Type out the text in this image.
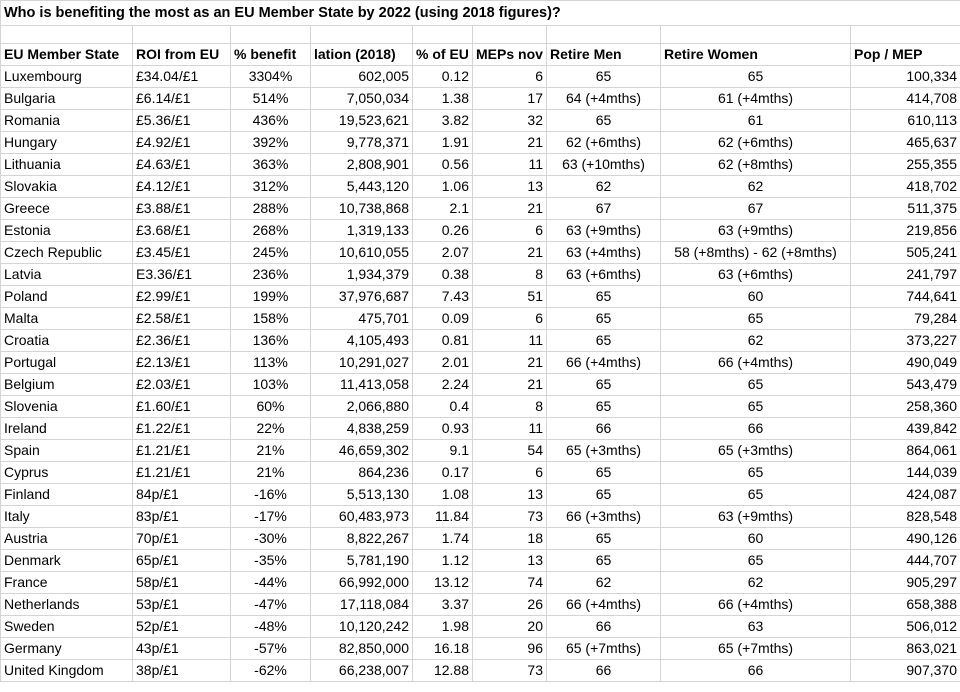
Who is benefiting the most as an EU Member State by 2022 (using 2018 figures)?								

EU Member State	ROI from EU	% benefit	lation (2018)	% of EU	MEPs nov	Retire Men	Retire Women	Pop / MEP
Luxembourg	£34.04/£1	3304%	602,005	0.12	6	65	65	100,334
Bulgaria	£6.14/£1	514%	7,050,034	1.38	17	64 (+4mths)	61 (+4mths)	414,708
Romania	£5.36/£1	436%	19,523,621	3.82	32	65	61	610,113
Hungary	£4.92/£1	392%	9,778,371	1.91	21	62 (+6mths)	62 (+6mths)	465,637
Lithuania	£4.63/£1	363%	2,808,901	0.56	11	63 (+10mths)	62 (+8mths)	255,355
Slovakia	£4.12/£1	312%	5,443,120	1.06	13	62	62	418,702
Greece	£3.88/£1	288%	10,738,868	2.1	21	67	67	511,375
Estonia	£3.68/£1	268%	1,319,133	0.26	6	63 (+9mths)	63 (+9mths)	219,856
Czech Republic	£3.45/£1	245%	10,610,055	2.07	21	63 (+4mths)	58 (+8mths) - 62 (+8mths)	505,241
Latvia	E3.36/£1	236%	1,934,379	0.38	8	63 (+6mths)	63 (+6mths)	241,797
Poland	£2.99/£1	199%	37,976,687	7.43	51	65	60	744,641
Malta	£2.58/£1	158%	475,701	0.09	6	65	65	79,284
Croatia	£2.36/£1	136%	4,105,493	0.81	11	65	62	373,227
Portugal	£2.13/£1	113%	10,291,027	2.01	21	66 (+4mths)	66 (+4mths)	490,049
Belgium	£2.03/£1	103%	11,413,058	2.24	21	65	65	543,479
Slovenia	£1.60/£1	60%	2,066,880	0.4	8	65	65	258,360
Ireland	£1.22/£1	22%	4,838,259	0.93	11	66	66	439,842
Spain	£1.21/£1	21%	46,659,302	9.1	54	65 (+3mths)	65 (+3mths)	864,061
Cyprus	£1.21/£1	21%	864,236	0.17	6	65	65	144,039
Finland	84p/£1	-16%	5,513,130	1.08	13	65	65	424,087
Italy	83p/£1	-17%	60,483,973	11.84	73	66 (+3mths)	63 (+9mths)	828,548
Austria	70p/£1	-30%	8,822,267	1.74	18	65	60	490,126
Denmark	65p/£1	-35%	5,781,190	1.12	13	65	65	444,707
France	58p/£1	-44%	66,992,000	13.12	74	62	62	905,297
Netherlands	53p/£1	-47%	17,118,084	3.37	26	66 (+4mths)	66 (+4mths)	658,388
Sweden	52p/£1	-48%	10,120,242	1.98	20	66	63	506,012
Germany	43p/£1	-57%	82,850,000	16.18	96	65 (+7mths)	65 (+7mths)	863,021
United Kingdom	38p/£1	-62%	66,238,007	12.88	73	66	66	907,370
